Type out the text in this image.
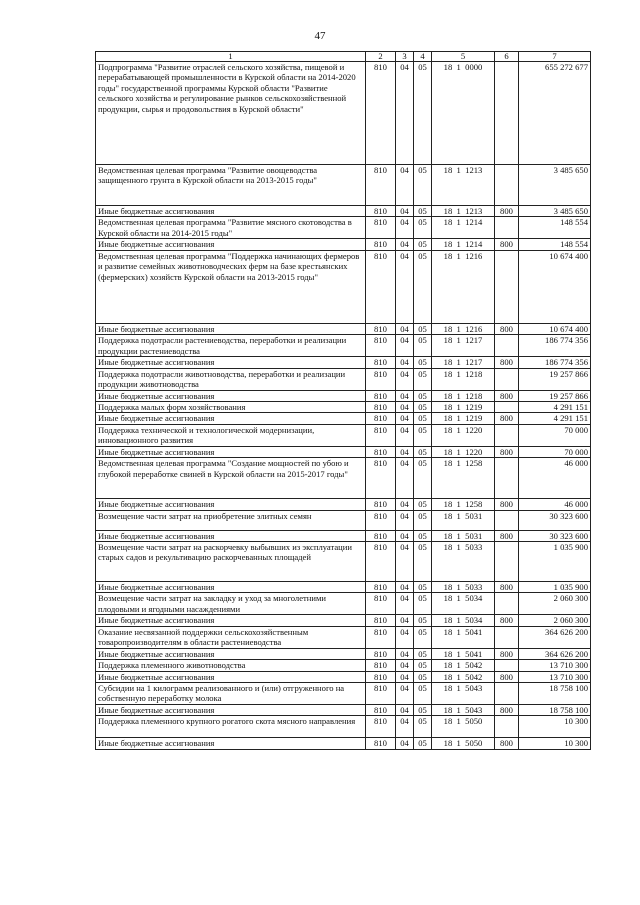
47
1	2	3	4	5	6	7
Подпрограмма "Развитие отраслей сельского хозяйства, пищевой и перерабатывающей промышленности в Курской области на 2014-2020 годы" государственной программы Курской области "Развитие сельского хозяйства и регулирование рынков сельскохозяйственной продукции, сырья и продовольствия в Курской области"	810	04	05	18  1  0000		655 272 677
Ведомственная целевая программа "Развитие овощеводства защищенного грунта в Курской области на 2013-2015 годы"	810	04	05	18  1  1213		3 485 650
Иные бюджетные ассигнования	810	04	05	18  1  1213	800	3 485 650
Ведомственная целевая программа "Развитие мясного скотоводства в Курской области на 2014-2015 годы"	810	04	05	18  1  1214		148 554
Иные бюджетные ассигнования	810	04	05	18  1  1214	800	148 554
Ведомственная целевая программа "Поддержка начинающих фермеров и развитие семейных животноводческих ферм на базе крестьянских (фермерских) хозяйств Курской области на 2013-2015 годы"	810	04	05	18  1  1216		10 674 400
Иные бюджетные ассигнования	810	04	05	18  1  1216	800	10 674 400
Поддержка подотрасли растениеводства, переработки и реализации продукции растениеводства	810	04	05	18  1  1217		186 774 356
Иные бюджетные ассигнования	810	04	05	18  1  1217	800	186 774 356
Поддержка подотрасли животноводства, переработки и реализации продукции животноводства	810	04	05	18  1  1218		19 257 866
Иные бюджетные ассигнования	810	04	05	18  1  1218	800	19 257 866
Поддержка малых форм хозяйствования	810	04	05	18  1  1219		4 291 151
Иные бюджетные ассигнования	810	04	05	18  1  1219	800	4 291 151
Поддержка технической и технологической модернизации, инновационного развития	810	04	05	18  1  1220		70 000
Иные бюджетные ассигнования	810	04	05	18  1  1220	800	70 000
Ведомственная целевая программа "Создание мощностей по убою и глубокой переработке свиней в Курской области на 2015-2017 годы"	810	04	05	18  1  1258		46 000
Иные бюджетные ассигнования	810	04	05	18  1  1258	800	46 000
Возмещение части затрат на приобретение элитных семян	810	04	05	18  1  5031		30 323 600
Иные бюджетные ассигнования	810	04	05	18  1  5031	800	30 323 600
Возмещение части затрат на раскорчевку выбывших из эксплуатации старых садов и рекультивацию раскорчеванных площадей	810	04	05	18  1  5033		1 035 900
Иные бюджетные ассигнования	810	04	05	18  1  5033	800	1 035 900
Возмещение части затрат на закладку и уход за многолетними плодовыми и ягодными насаждениями	810	04	05	18  1  5034		2 060 300
Иные бюджетные ассигнования	810	04	05	18  1  5034	800	2 060 300
Оказание несвязанной поддержки сельскохозяйственным товаропроизводителям в области растениеводства	810	04	05	18  1  5041		364 626 200
Иные бюджетные ассигнования	810	04	05	18  1  5041	800	364 626 200
Поддержка племенного животноводства	810	04	05	18  1  5042		13 710 300
Иные бюджетные ассигнования	810	04	05	18  1  5042	800	13 710 300
Субсидии на 1 килограмм реализованного и (или) отгруженного на собственную переработку молока	810	04	05	18  1  5043		18 758 100
Иные бюджетные ассигнования	810	04	05	18  1  5043	800	18 758 100
Поддержка племенного крупного рогатого скота мясного направления	810	04	05	18  1  5050		10 300
Иные бюджетные ассигнования	810	04	05	18  1  5050	800	10 300
